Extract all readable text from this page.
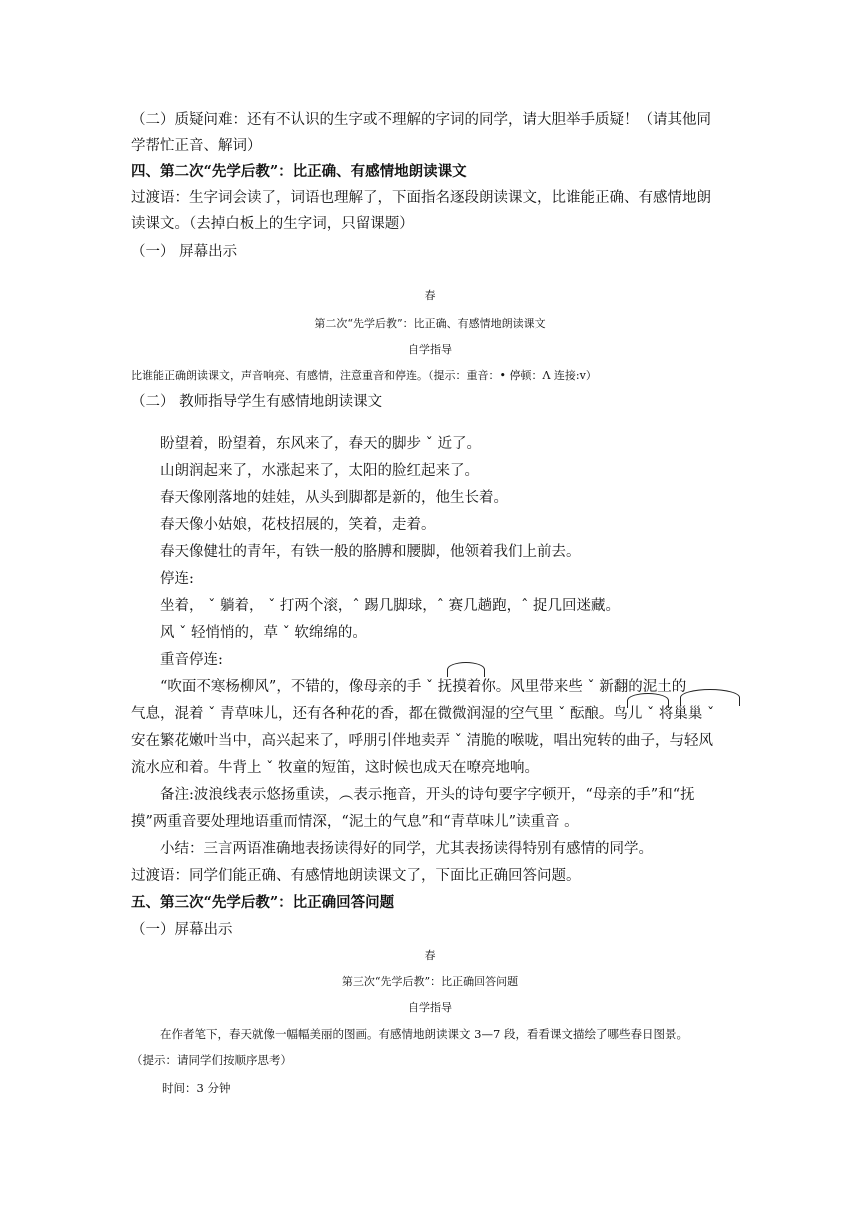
（二）质疑问难：还有不认识的生字或不理解的字词的同学，请大胆举手质疑！（请其他同
学帮忙正音、解词）
四、第二次“先学后教”：比正确、有感情地朗读课文
过渡语：生字词会读了，词语也理解了，下面指名逐段朗读课文，比谁能正确、有感情地朗
读课文。（去掉白板上的生字词，只留课题）
（一） 屏幕出示
春
第二次“先学后教”：比正确、有感情地朗读课文
自学指导
比谁能正确朗读课文，声音响亮、有感情，注意重音和停连。（提示：重音：• 停顿：Λ 连接:v）
（二） 教师指导学生有感情地朗读课文
盼望着，盼望着，东风来了，春天的脚步 ˇ 近了。
山朗润起来了，水涨起来了，太阳的脸红起来了。
春天像刚落地的娃娃，从头到脚都是新的，他生长着。
春天像小姑娘，花枝招展的，笑着，走着。
春天像健壮的青年，有铁一般的胳膊和腰脚，他领着我们上前去。
停连:
坐着， ˇ 躺着， ˇ 打两个滚，ˆ 踢几脚球，ˆ 赛几趟跑，ˆ 捉几回迷藏。
风 ˇ 轻悄悄的，草 ˇ 软绵绵的。
重音停连:
“吹面不寒杨柳风”，不错的，像母亲的手 ˇ 抚摸着你。风里带来些 ˇ 新翻的泥土的
气息，混着 ˇ 青草味儿，还有各种花的香，都在微微润湿的空气里 ˇ 酝酿。鸟儿 ˇ 将巢巢 ˇ
安在繁花嫩叶当中，高兴起来了，呼朋引伴地卖弄 ˇ 清脆的喉咙，唱出宛转的曲子，与轻风
流水应和着。牛背上 ˇ 牧童的短笛，这时候也成天在嘹亮地响。
备注:波浪线表示悠扬重读，︵表示拖音，开头的诗句要字字顿开，“母亲的手”和“抚
摸”两重音要处理地语重而情深，“泥土的气息”和“青草味儿”读重音 。
小结：三言两语准确地表扬读得好的同学，尤其表扬读得特别有感情的同学。
过渡语：同学们能正确、有感情地朗读课文了，下面比正确回答问题。
五、第三次“先学后教”：比正确回答问题
（一）屏幕出示
春
第三次“先学后教”：比正确回答问题
自学指导
在作者笔下，春天就像一幅幅美丽的图画。有感情地朗读课文 3—7 段，看看课文描绘了哪些春日图景。
（提示：请同学们按顺序思考）
时间：3 分钟
